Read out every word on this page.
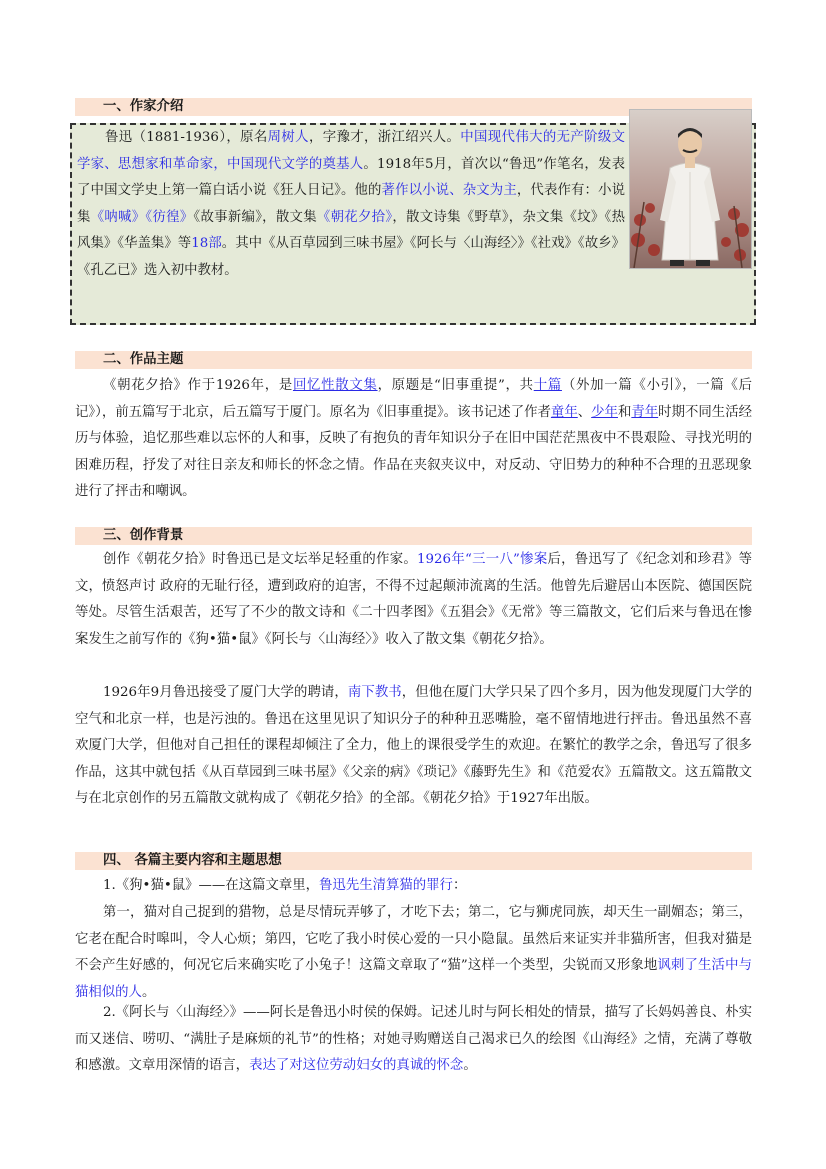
一、作家介绍

鲁迅（1881-1936），原名周树人，字豫才，浙江绍兴人。中国现代伟大的无产阶级文学家、思想家和革命家，中国现代文学的奠基人。1918年5月，首次以“鲁迅”作笔名，发表了中国文学史上第一篇白话小说《狂人日记》。他的著作以小说、杂文为主，代表作有：小说集《呐喊》《彷徨》《故事新编》，散文集《朝花夕拾》，散文诗集《野草》，杂文集《坟》《热风集》《华盖集》等18部。其中《从百草园到三味书屋》《阿长与〈山海经〉》《社戏》《故乡》《孔乙已》选入初中教材。

二、作品主题

《朝花夕拾》作于1926年，是回忆性散文集，原题是“旧事重提”，共十篇（外加一篇《小引》，一篇《后记》），前五篇写于北京，后五篇写于厦门。原名为《旧事重提》。该书记述了作者童年、少年和青年时期不同生活经历与体验，追忆那些难以忘怀的人和事，反映了有抱负的青年知识分子在旧中国茫茫黑夜中不畏艰险、寻找光明的困难历程，抒发了对往日亲友和师长的怀念之情。作品在夹叙夹议中，对反动、守旧势力的种种不合理的丑恶现象进行了抨击和嘲讽。

三、创作背景

创作《朝花夕拾》时鲁迅已是文坛举足轻重的作家。1926年“三一八”惨案后，鲁迅写了《纪念刘和珍君》等文，愤怒声讨 政府的无耻行径，遭到政府的迫害，不得不过起颠沛流离的生活。他曾先后避居山本医院、德国医院等处。尽管生活艰苦，还写了不少的散文诗和《二十四孝图》《五猖会》《无常》等三篇散文，它们后来与鲁迅在惨案发生之前写作的《狗•猫•鼠》《阿长与〈山海经〉》收入了散文集《朝花夕拾》。

1926年9月鲁迅接受了厦门大学的聘请，南下教书，但他在厦门大学只呆了四个多月，因为他发现厦门大学的空气和北京一样，也是污浊的。鲁迅在这里见识了知识分子的种种丑恶嘴脸，毫不留情地进行抨击。鲁迅虽然不喜欢厦门大学，但他对自己担任的课程却倾注了全力，他上的课很受学生的欢迎。在繁忙的教学之余，鲁迅写了很多作品，这其中就包括《从百草园到三味书屋》《父亲的病》《琐记》《藤野先生》和《范爱农》五篇散文。这五篇散文与在北京创作的另五篇散文就构成了《朝花夕拾》的全部。《朝花夕拾》于1927年出版。

四、 各篇主要内容和主题思想

1.《狗•猫•鼠》——在这篇文章里，鲁迅先生清算猫的罪行：

第一，猫对自己捉到的猎物，总是尽情玩弄够了，才吃下去；第二，它与狮虎同族，却天生一副媚态；第三，它老在配合时嗥叫，令人心烦；第四，它吃了我小时侯心爱的一只小隐鼠。虽然后来证实并非猫所害，但我对猫是不会产生好感的，何况它后来确实吃了小兔子！这篇文章取了“猫”这样一个类型，尖锐而又形象地讽刺了生活中与猫相似的人。

2.《阿长与〈山海经〉》——阿长是鲁迅小时侯的保姆。记述儿时与阿长相处的情景，描写了长妈妈善良、朴实而又迷信、唠叨、“满肚子是麻烦的礼节”的性格；对她寻购赠送自己渴求已久的绘图《山海经》之情，充满了尊敬和感激。文章用深情的语言，表达了对这位劳动妇女的真诚的怀念。
